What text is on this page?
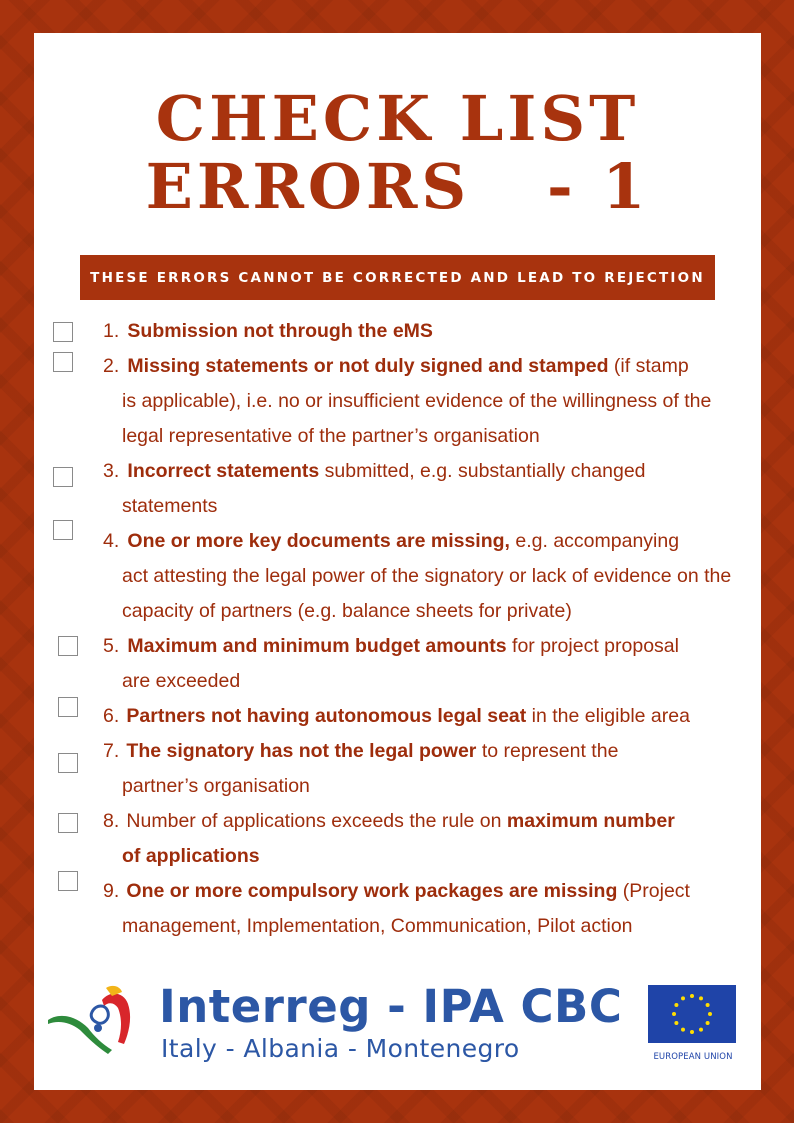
CHECK LIST
ERRORS   - 1
THESE ERRORS CANNOT BE CORRECTED AND LEAD TO REJECTION
1. Submission not through the eMS
2. Missing statements or not duly signed and stamped (if stamp
is applicable), i.e. no or insufficient evidence of the willingness of the legal representative of the partner’s organisation
3. Incorrect statements submitted, e.g. substantially changed
statements
4. One or more key documents are missing, e.g. accompanying
act attesting the legal power of the signatory or lack of evidence on the capacity of partners (e.g. balance sheets for private)
5. Maximum and minimum budget amounts for project proposal
are exceeded
6. Partners not having autonomous legal seat in the eligible area
7. The signatory has not the legal power to represent the
partner’s organisation
8. Number of applications exceeds the rule on maximum number
of applications
9. One or more compulsory work packages are missing (Project
management, Implementation, Communication, Pilot action
Interreg - IPA CBC
Italy - Albania - Montenegro	EUROPEAN UNION
